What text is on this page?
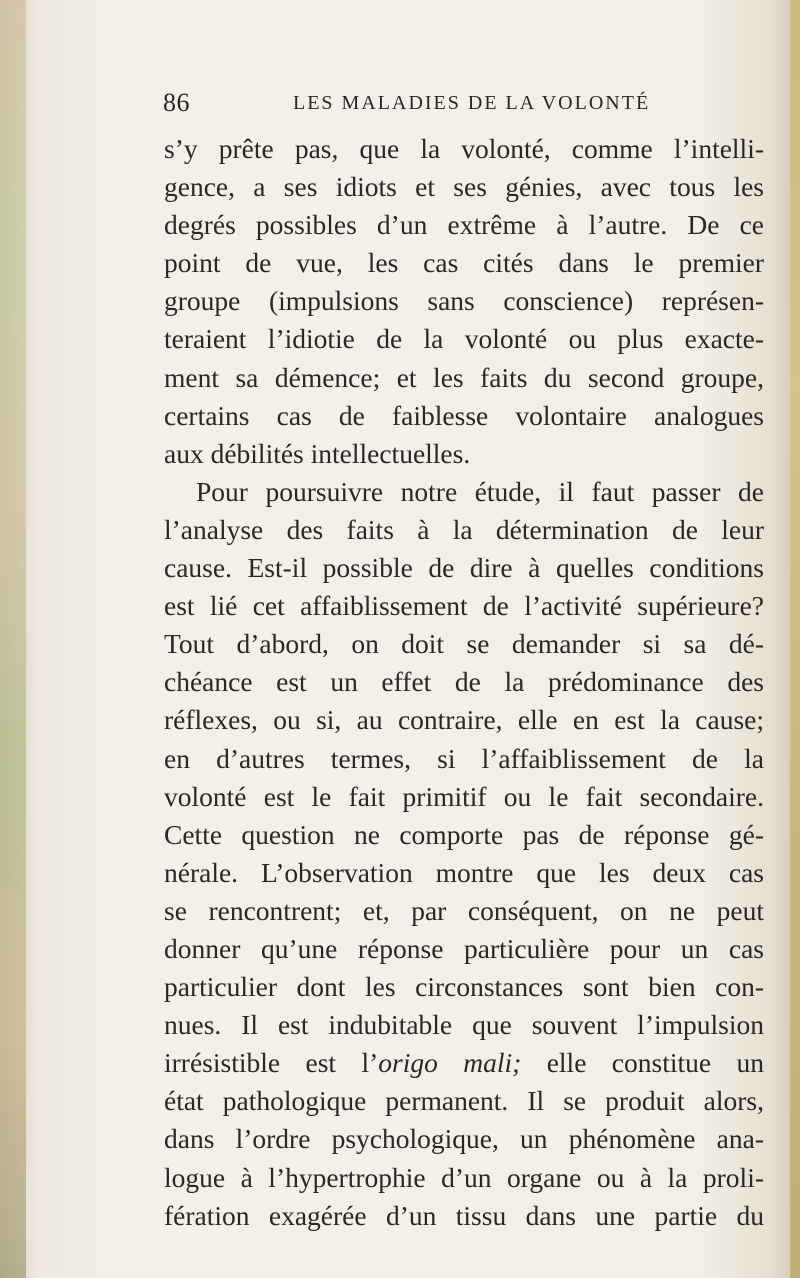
86	LES MALADIES DE LA VOLONTÉ
s’y prête pas, que la volonté, comme l’intelli-
gence, a ses idiots et ses génies, avec tous les
degrés possibles d’un extrême à l’autre. De ce
point de vue, les cas cités dans le premier
groupe (impulsions sans conscience) représen-
teraient l’idiotie de la volonté ou plus exacte-
ment sa démence; et les faits du second groupe,
certains cas de faiblesse volontaire analogues
aux débilités intellectuelles.
Pour poursuivre notre étude, il faut passer de
l’analyse des faits à la détermination de leur
cause. Est-il possible de dire à quelles conditions
est lié cet affaiblissement de l’activité supérieure?
Tout d’abord, on doit se demander si sa dé-
chéance est un effet de la prédominance des
réflexes, ou si, au contraire, elle en est la cause;
en d’autres termes, si l’affaiblissement de la
volonté est le fait primitif ou le fait secondaire.
Cette question ne comporte pas de réponse gé-
nérale. L’observation montre que les deux cas
se rencontrent; et, par conséquent, on ne peut
donner qu’une réponse particulière pour un cas
particulier dont les circonstances sont bien con-
nues. Il est indubitable que souvent l’impulsion
irrésistible est l’origo mali; elle constitue un
état pathologique permanent. Il se produit alors,
dans l’ordre psychologique, un phénomène ana-
logue à l’hypertrophie d’un organe ou à la proli-
fération exagérée d’un tissu dans une partie du
